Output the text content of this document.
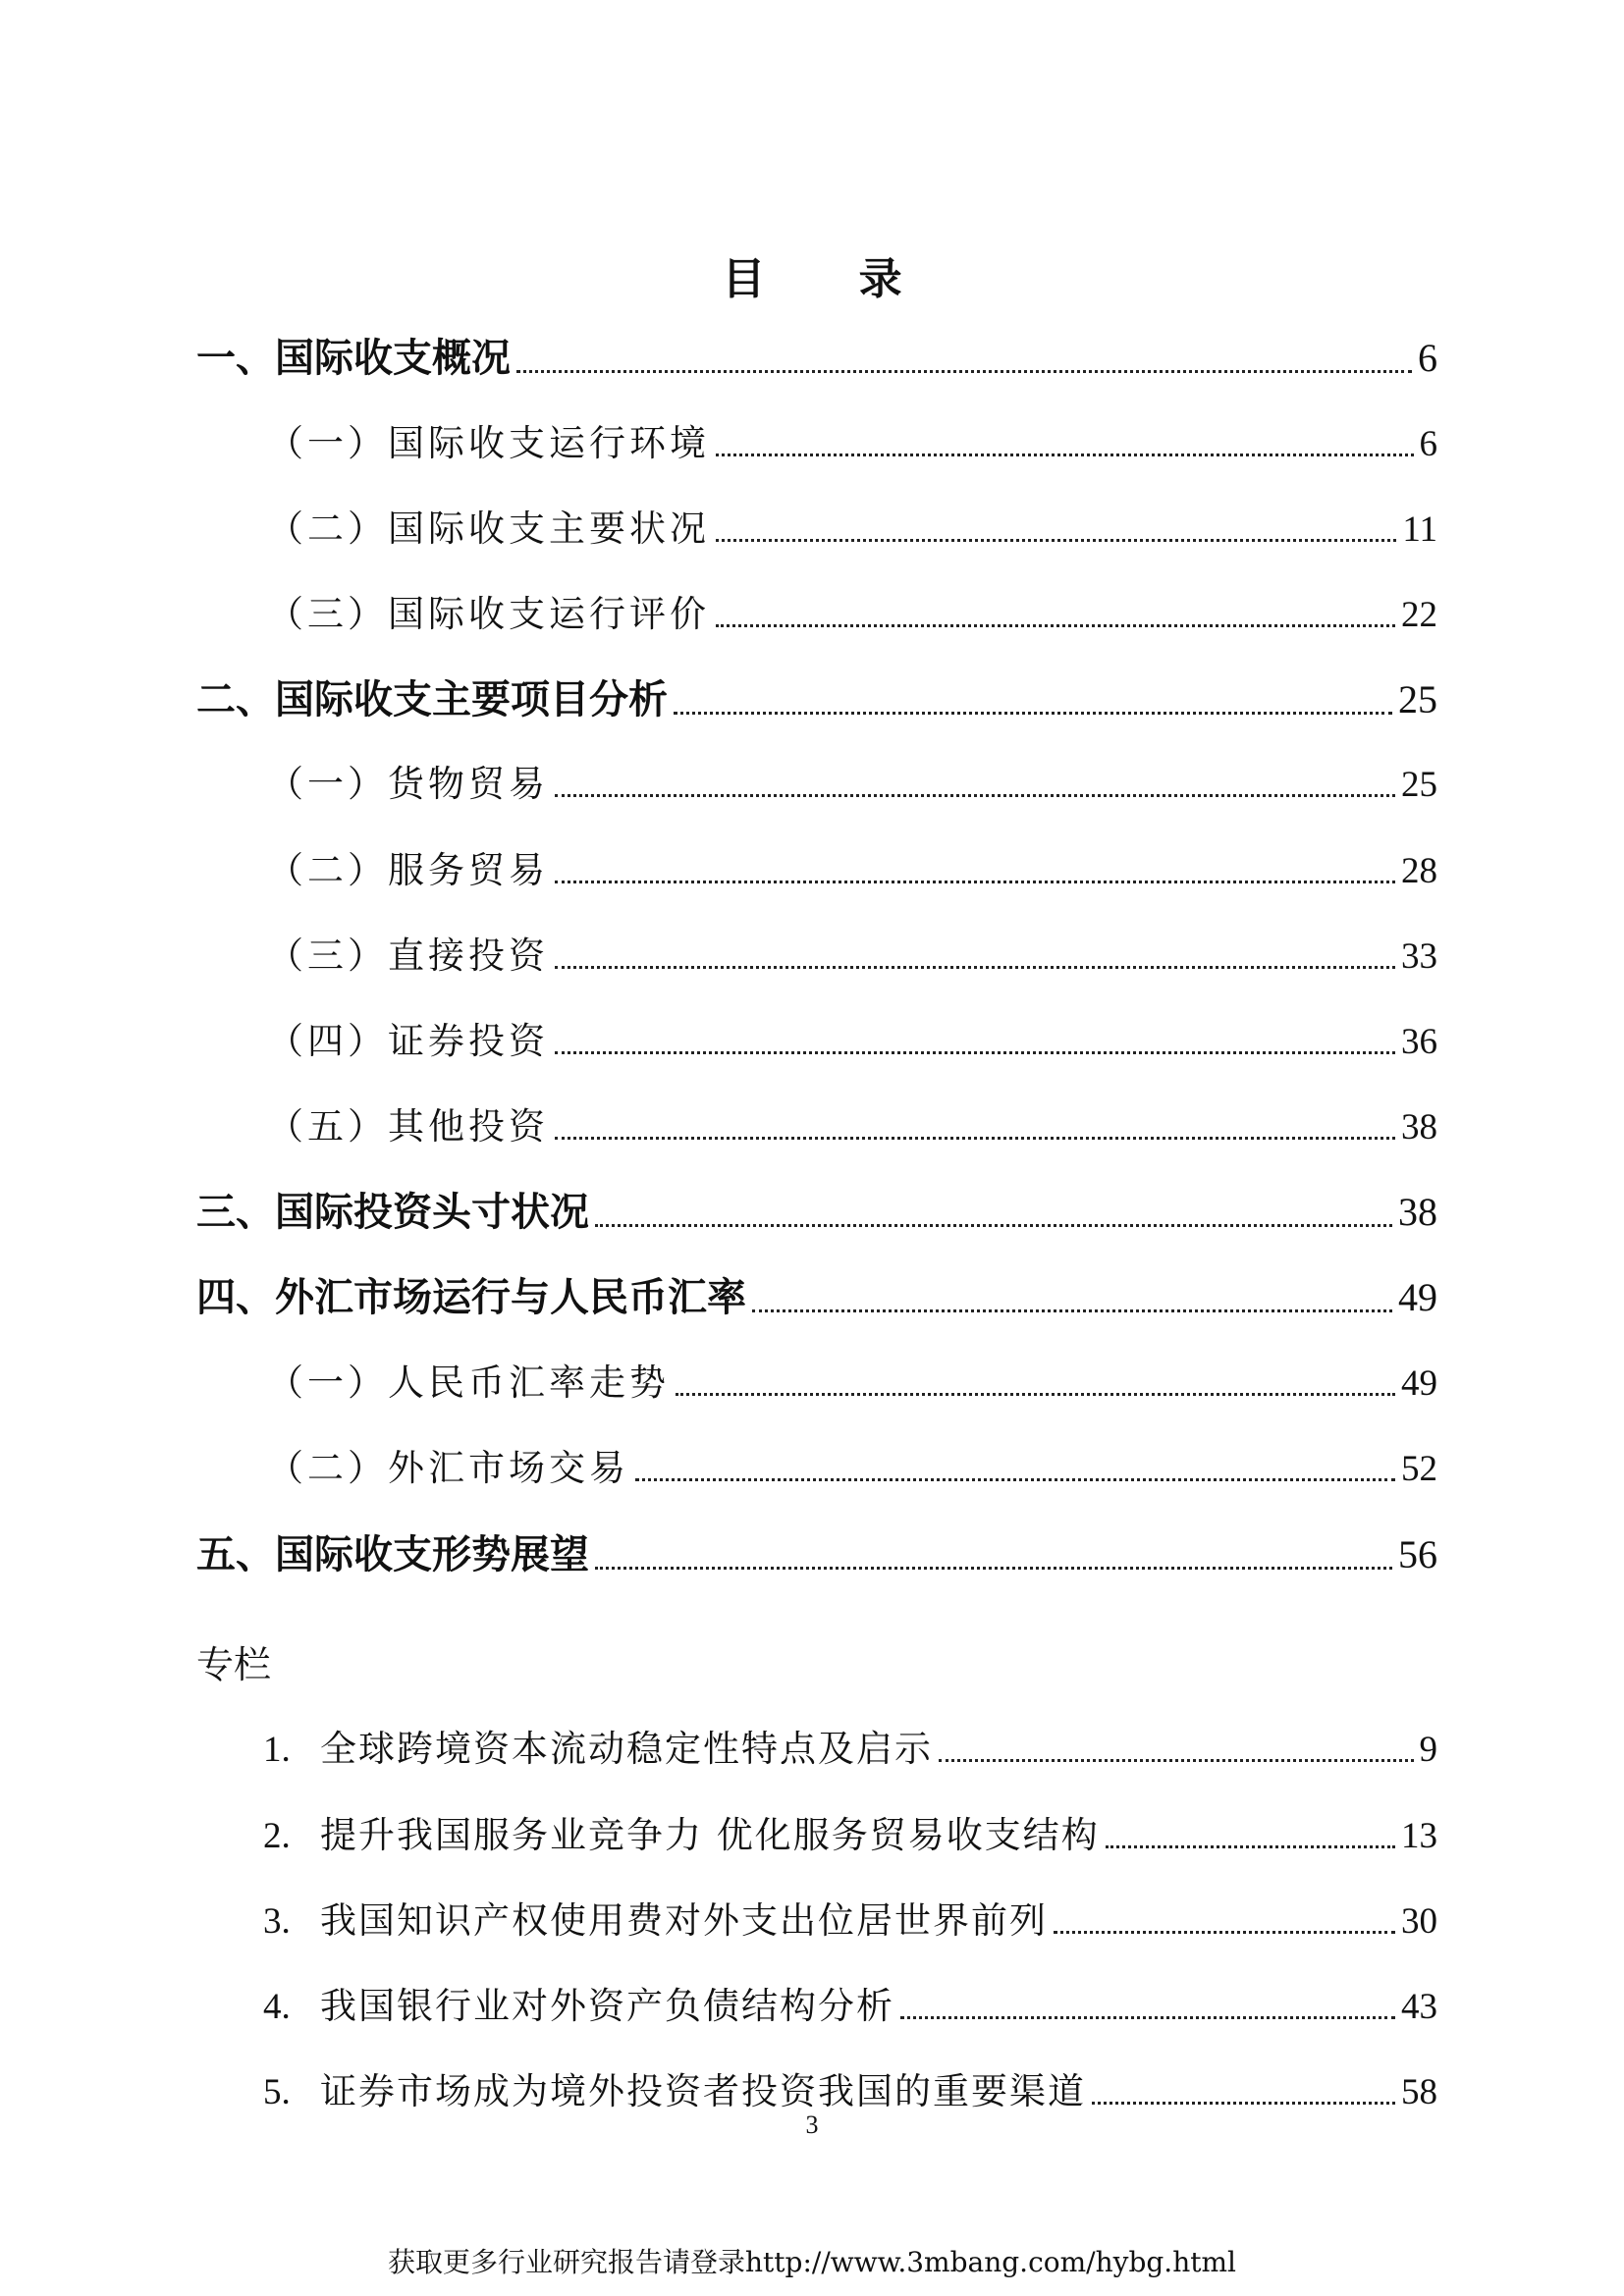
目 录
一、国际收支概况	6
（一）国际收支运行环境	6
（二）国际收支主要状况	11
（三）国际收支运行评价	22
二、国际收支主要项目分析	25
（一）货物贸易	25
（二）服务贸易	28
（三）直接投资	33
（四）证券投资	36
（五）其他投资	38
三、国际投资头寸状况	38
四、外汇市场运行与人民币汇率	49
（一）人民币汇率走势	49
（二）外汇市场交易	52
五、国际收支形势展望	56
专栏
1. 全球跨境资本流动稳定性特点及启示	9
2. 提升我国服务业竞争力 优化服务贸易收支结构	13
3. 我国知识产权使用费对外支出位居世界前列	30
4. 我国银行业对外资产负债结构分析	43
5. 证券市场成为境外投资者投资我国的重要渠道	58
3
获取更多行业研究报告请登录http://www.3mbang.com/hybg.html
